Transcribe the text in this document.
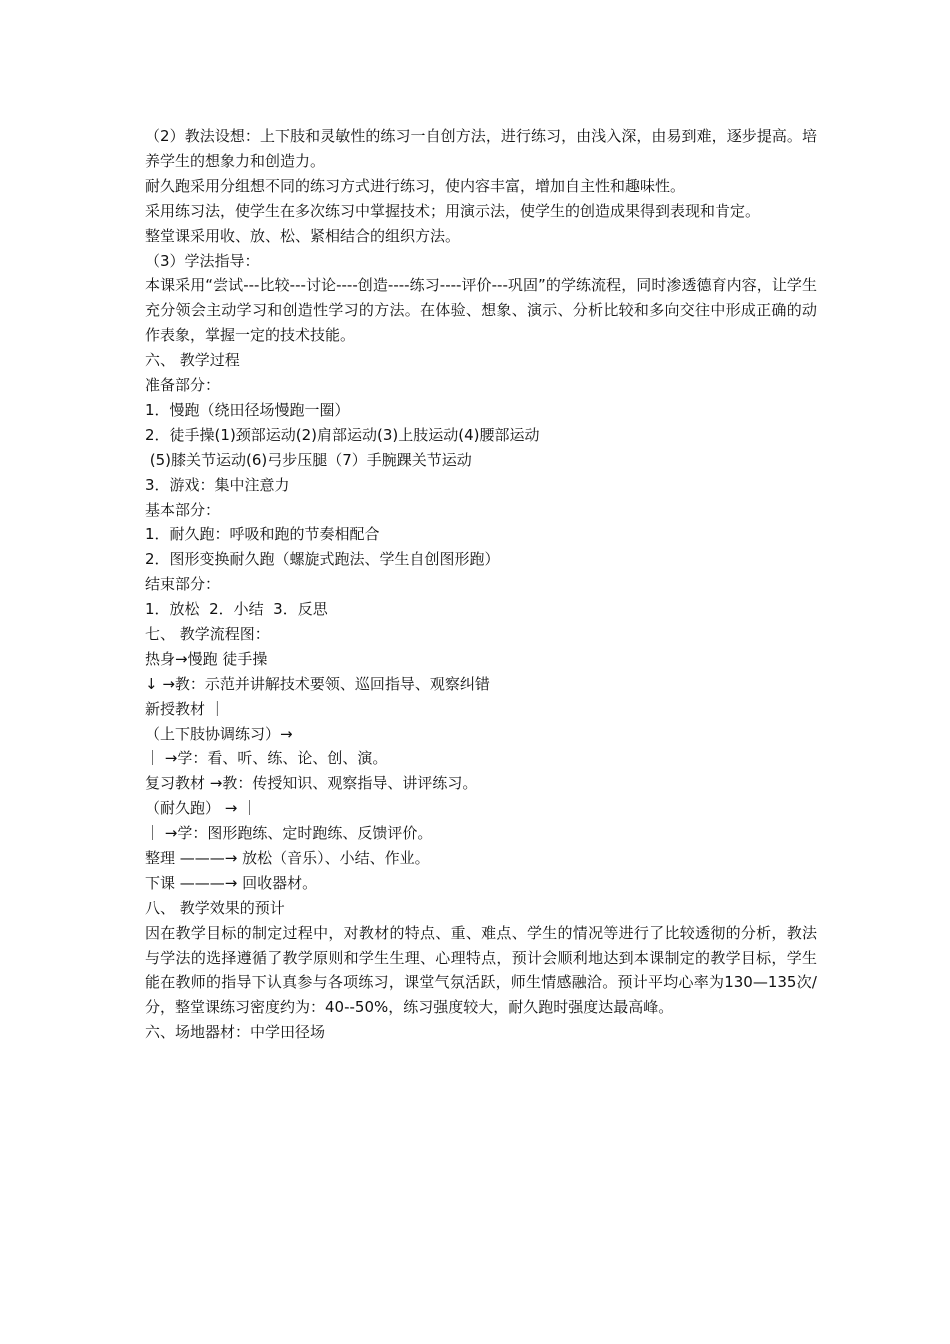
（2）教法设想：上下肢和灵敏性的练习一自创方法，进行练习，由浅入深，由易到难，逐步提高。培养学生的想象力和创造力。
耐久跑采用分组想不同的练习方式进行练习，使内容丰富，增加自主性和趣味性。
采用练习法，使学生在多次练习中掌握技术；用演示法，使学生的创造成果得到表现和肯定。
整堂课采用收、放、松、紧相结合的组织方法。
（3）学法指导：
本课采用“尝试---比较---讨论----创造----练习----评价---巩固”的学练流程，同时渗透德育内容，让学生充分领会主动学习和创造性学习的方法。在体验、想象、演示、分析比较和多向交往中形成正确的动作表象，掌握一定的技术技能。
六、 教学过程
准备部分：
1．慢跑（绕田径场慢跑一圈）
2．徒手操(1)颈部运动(2)肩部运动(3)上肢运动(4)腰部运动
(5)膝关节运动(6)弓步压腿（7）手腕踝关节运动
3．游戏：集中注意力
基本部分：
1．耐久跑：呼吸和跑的节奏相配合
2．图形变换耐久跑（螺旋式跑法、学生自创图形跑）
结束部分：
1．放松  2．小结  3．反思
七、 教学流程图：
热身→慢跑 徒手操
↓ →教：示范并讲解技术要领、巡回指导、观察纠错
新授教材 ｜
（上下肢协调练习）→
｜ →学：看、听、练、论、创、演。
复习教材 →教：传授知识、观察指导、讲评练习。
（耐久跑） → ｜
｜ →学：图形跑练、定时跑练、反馈评价。
整理 ———→ 放松（音乐）、小结、作业。
下课 ———→ 回收器材。
八、 教学效果的预计
因在教学目标的制定过程中，对教材的特点、重、难点、学生的情况等进行了比较透彻的分析，教法与学法的选择遵循了教学原则和学生生理、心理特点，预计会顺利地达到本课制定的教学目标，学生能在教师的指导下认真参与各项练习，课堂气氛活跃，师生情感融洽。预计平均心率为130—135次/分，整堂课练习密度约为：40--50%，练习强度较大，耐久跑时强度达最高峰。
六、场地器材：中学田径场
